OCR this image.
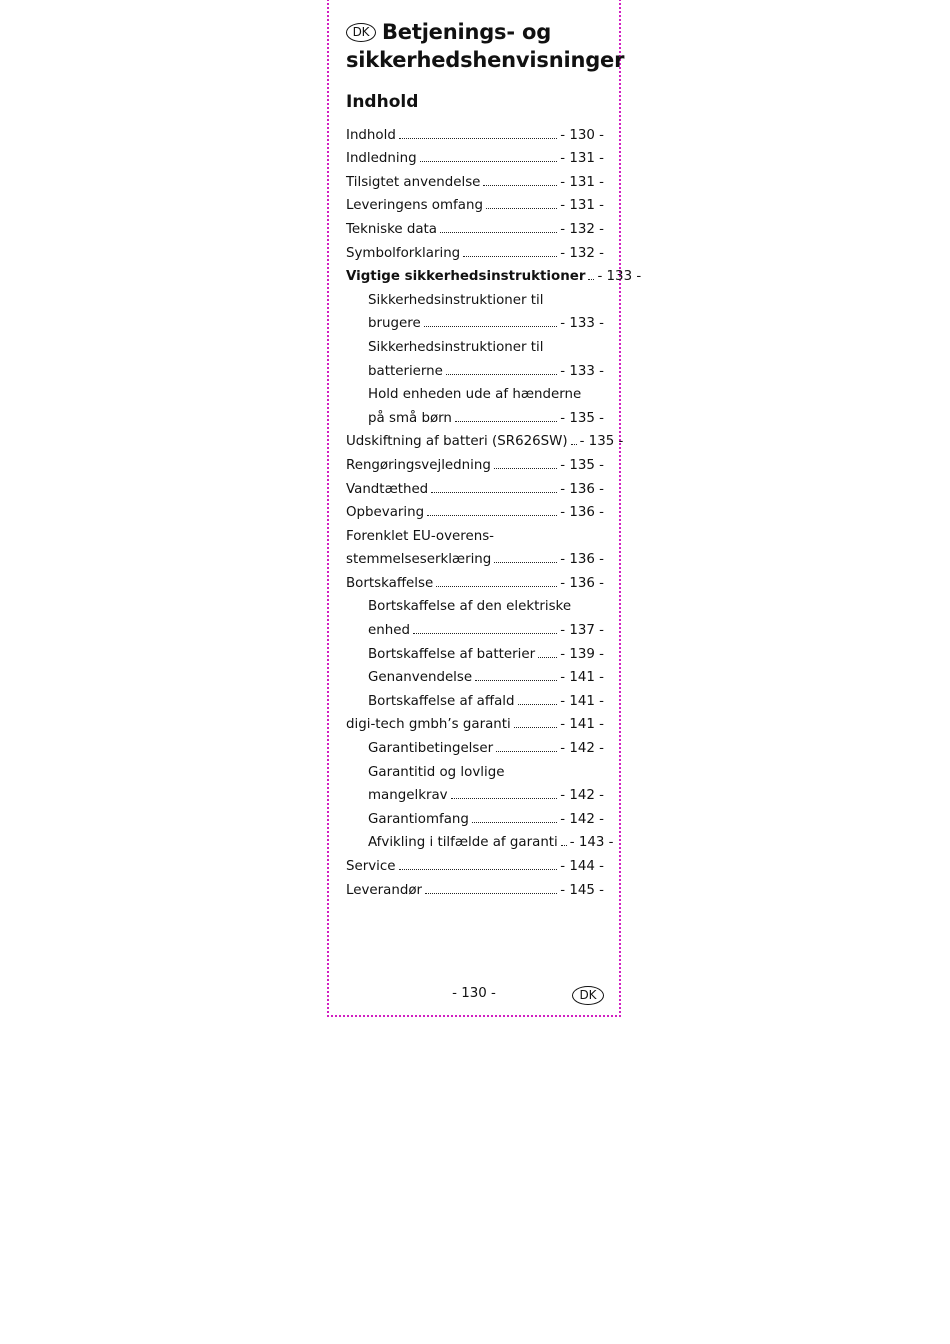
DK Betjenings- og
sikkerhedshenvisninger
Indhold
Indhold	- 130 -
Indledning	- 131 -
Tilsigtet anvendelse	- 131 -
Leveringens omfang	- 131 -
Tekniske data	- 132 -
Symbolforklaring	- 132 -
Vigtige sikkerhedsinstruktioner - 133 -
Sikkerhedsinstruktioner til
brugere	- 133 -
Sikkerhedsinstruktioner til
batterierne	- 133 -
Hold enheden ude af hænderne
på små børn	- 135 -
Udskiftning af batteri (SR626SW) - 135 -
Rengøringsvejledning	- 135 -
Vandtæthed	- 136 -
Opbevaring	- 136 -
Forenklet EU-overens-
stemmelseserklæring	- 136 -
Bortskaffelse	- 136 -
Bortskaffelse af den elektriske
enhed	- 137 -
Bortskaffelse af batterier - 139 -
Genanvendelse	- 141 -
Bortskaffelse af affald	- 141 -
digi-tech gmbh’s garanti	- 141 -
Garantibetingelser	- 142 -
Garantitid og lovlige
mangelkrav	- 142 -
Garantiomfang	- 142 -
Afvikling i tilfælde af garanti - 143 -
Service	- 144 -
Leverandør	- 145 -
- 130 -	DK
